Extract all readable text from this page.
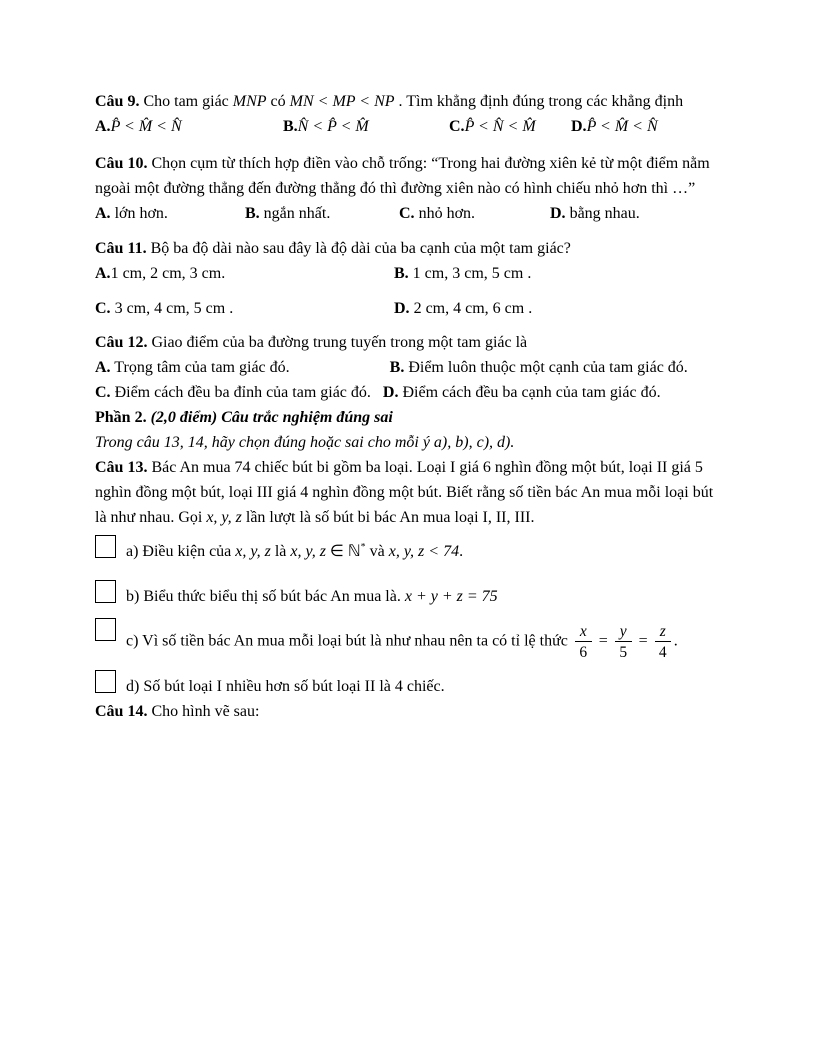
Câu 9. Cho tam giác MNP có MN < MP < NP . Tìm khẳng định đúng trong các khẳng định

A.P̂ < M̂ < N̂	B.N̂ < P̂ < M̂	C.P̂ < N̂ < M̂	D.P̂ < M̂ < N̂

Câu 10. Chọn cụm từ thích hợp điền vào chỗ trống: “Trong hai đường xiên kẻ từ một điểm nằm ngoài một đường thẳng đến đường thẳng đó thì đường xiên nào có hình chiếu nhỏ hơn thì …”

A. lớn hơn.	B. ngắn nhất.	C. nhỏ hơn.	D. bằng nhau.

Câu 11. Bộ ba độ dài nào sau đây là độ dài của ba cạnh của một tam giác?

A.1 cm, 2 cm, 3 cm.	B. 1 cm, 3 cm, 5 cm .
C. 3 cm, 4 cm, 5 cm .	D. 2 cm, 4 cm, 6 cm .

Câu 12. Giao điểm của ba đường trung tuyến trong một tam giác là

A. Trọng tâm của tam giác đó.	B. Điểm luôn thuộc một cạnh của tam giác đó.

C. Điểm cách đều ba đỉnh của tam giác đó. D. Điểm cách đều ba cạnh của tam giác đó.

Phần 2. (2,0 điểm) Câu trắc nghiệm đúng sai

Trong câu 13, 14, hãy chọn đúng hoặc sai cho mỗi ý a), b), c), d).

Câu 13. Bác An mua 74 chiếc bút bi gồm ba loại. Loại I giá 6 nghìn đồng một bút, loại II giá 5 nghìn đồng một bút, loại III giá 4 nghìn đồng một bút. Biết rằng số tiền bác An mua mỗi loại bút là như nhau. Gọi x, y, z lần lượt là số bút bi bác An mua loại I, II, III.

a) Điều kiện của x, y, z là x, y, z ∈ ℕ* và x, y, z < 74.
b) Biểu thức biểu thị số bút bác An mua là. x + y + z = 75
c) Vì số tiền bác An mua mỗi loại bút là như nhau nên ta có tỉ lệ thức $\frac{x}{6} = \frac{y}{5} = \frac{z}{4}$ .
d) Số bút loại I nhiều hơn số bút loại II là 4 chiếc.

Câu 14. Cho hình vẽ sau:
